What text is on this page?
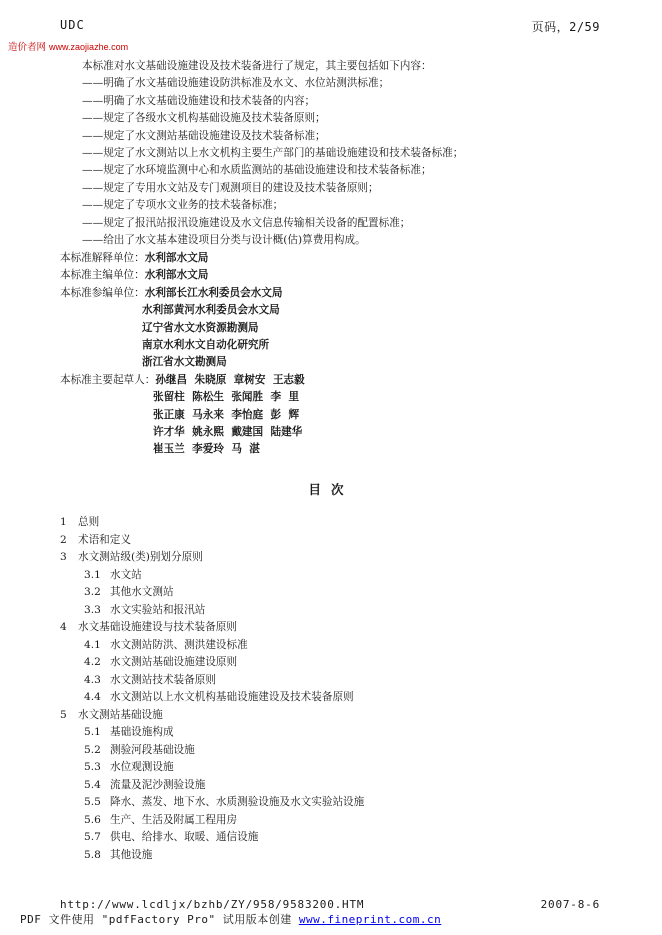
UDC	页码，2/59
造价者网 www.zaojiazhe.com
本标准对水文基础设施建设及技术装备进行了规定，其主要包括如下内容：
——明确了水文基础设施建设防洪标准及水文、水位站测洪标准；
——明确了水文基础设施建设和技术装备的内容；
——规定了各级水文机构基础设施及技术装备原则；
——规定了水文测站基础设施建设及技术装备标准；
——规定了水文测站以上水文机构主要生产部门的基础设施建设和技术装备标准；
——规定了水环境监测中心和水质监测站的基础设施建设和技术装备标准；
——规定了专用水文站及专门观测项目的建设及技术装备原则；
——规定了专项水文业务的技术装备标准；
——规定了报汛站报汛设施建设及水文信息传输相关设备的配置标准；
——给出了水文基本建设项目分类与设计概(估)算费用构成。
本标准解释单位：水利部水文局
本标准主编单位：水利部水文局
本标准参编单位：水利部长江水利委员会水文局
水利部黄河水利委员会水文局
辽宁省水文水资源勘测局
南京水利水文自动化研究所
浙江省水文勘测局
本标准主要起草人：孙继昌  朱晓原  章树安  王志毅
张留柱  陈松生  张闻胜  李  里
张正康  马永来  李怡庭  彭  辉
许才华  姚永熙  戴建国  陆建华
崔玉兰  李爱玲  马  湛
目次
1 总则
2 术语和定义
3 水文测站级(类)别划分原则
3.1 水文站
3.2 其他水文测站
3.3 水文实验站和报汛站
4 水文基础设施建设与技术装备原则
4.1 水文测站防洪、测洪建设标准
4.2 水文测站基础设施建设原则
4.3 水文测站技术装备原则
4.4 水文测站以上水文机构基础设施建设及技术装备原则
5 水文测站基础设施
5.1 基础设施构成
5.2 测验河段基础设施
5.3 水位观测设施
5.4 流量及泥沙测验设施
5.5 降水、蒸发、地下水、水质测验设施及水文实验站设施
5.6 生产、生活及附属工程用房
5.7 供电、给排水、取暖、通信设施
5.8 其他设施
http://www.lcdljx/bzhb/ZY/958/9583200.HTM	2007-8-6
PDF 文件使用 "pdfFactory Pro" 试用版本创建 www.fineprint.com.cn
